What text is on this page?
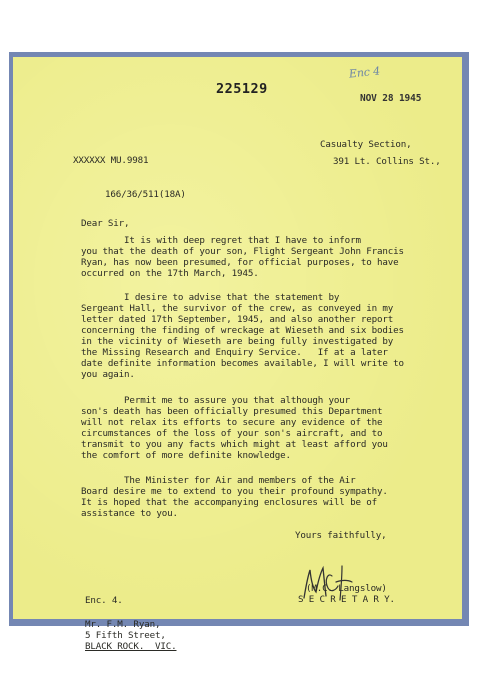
Enc 4
225129
NOV 28 1945
Casualty Section,
391 Lt. Collins St.,
XXXXXX MU.9981
166/36/511(18A)
Dear Sir,
It is with deep regret that I have to inform
you that the death of your son, Flight Sergeant John Francis
Ryan, has now been presumed, for official purposes, to have
occurred on the 17th March, 1945.
I desire to advise that the statement by
Sergeant Hall, the survivor of the crew, as conveyed in my
letter dated 17th September, 1945, and also another report
concerning the finding of wreckage at Wieseth and six bodies
in the vicinity of Wieseth are being fully investigated by
the Missing Research and Enquiry Service.   If at a later
date definite information becomes available, I will write to
you again.
Permit me to assure you that although your
son's death has been officially presumed this Department
will not relax its efforts to secure any evidence of the
circumstances of the loss of your son's aircraft, and to
transmit to you any facts which might at least afford you
the comfort of more definite knowledge.
The Minister for Air and members of the Air
Board desire me to extend to you their profound sympathy.
It is hoped that the accompanying enclosures will be of
assistance to you.
Yours faithfully,

(M.C. Langslow)
S E C R E T A R Y.
Enc. 4.
Mr. F.M. Ryan,
5 Fifth Street,
BLACK ROCK.  VIC.
